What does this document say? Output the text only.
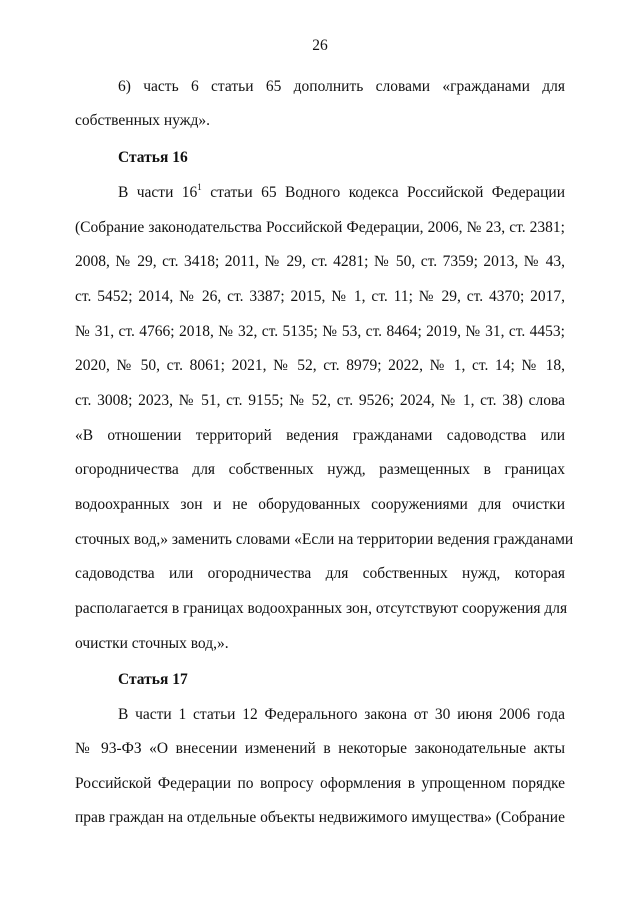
26
6) часть 6 статьи 65 дополнить словами «гражданами для
собственных нужд».
Статья 16
В части $16^1$ статьи 65 Водного кодекса Российской Федерации
(Собрание законодательства Российской Федерации, 2006, № 23, ст. 2381;
2008, № 29, ст. 3418; 2011, № 29, ст. 4281; № 50, ст. 7359; 2013, № 43,
ст. 5452; 2014, № 26, ст. 3387; 2015, № 1, ст. 11; № 29, ст. 4370; 2017,
№ 31, ст. 4766; 2018, № 32, ст. 5135; № 53, ст. 8464; 2019, № 31, ст. 4453;
2020, № 50, ст. 8061; 2021, № 52, ст. 8979; 2022, № 1, ст. 14; № 18,
ст. 3008; 2023, № 51, ст. 9155; № 52, ст. 9526; 2024, № 1, ст. 38) слова
«В отношении территорий ведения гражданами садоводства или
огородничества для собственных нужд, размещенных в границах
водоохранных зон и не оборудованных сооружениями для очистки
сточных вод,» заменить словами «Если на территории ведения гражданами
садоводства или огородничества для собственных нужд, которая
располагается в границах водоохранных зон, отсутствуют сооружения для
очистки сточных вод,».
Статья 17
В части 1 статьи 12 Федерального закона от 30 июня 2006 года
№ 93-ФЗ «О внесении изменений в некоторые законодательные акты
Российской Федерации по вопросу оформления в упрощенном порядке
прав граждан на отдельные объекты недвижимого имущества» (Собрание
